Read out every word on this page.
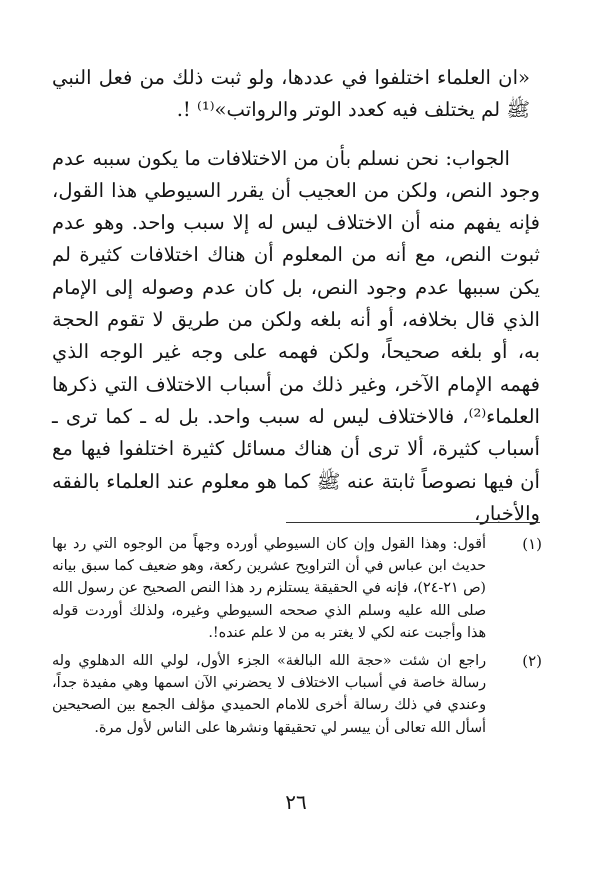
«ان العلماء اختلفوا في عددها، ولو ثبت ذلك من فعل النبي ﷺ لم يختلف فيه كعدد الوتر والرواتب»⁽¹⁾ !.

الجواب: نحن نسلم بأن من الاختلافات ما يكون سببه عدم وجود النص، ولكن من العجيب أن يقرر السيوطي هذا القول، فإنه يفهم منه أن الاختلاف ليس له إلا سبب واحد. وهو عدم ثبوت النص، مع أنه من المعلوم أن هناك اختلافات كثيرة لم يكن سببها عدم وجود النص، بل كان عدم وصوله إلى الإمام الذي قال بخلافه، أو أنه بلغه ولكن من طريق لا تقوم الحجة به، أو بلغه صحيحاً، ولكن فهمه على وجه غير الوجه الذي فهمه الإمام الآخر، وغير ذلك من أسباب الاختلاف التي ذكرها العلماء⁽²⁾، فالاختلاف ليس له سبب واحد. بل له ـ كما ترى ـ أسباب كثيرة، ألا ترى أن هناك مسائل كثيرة اختلفوا فيها مع أن فيها نصوصاً ثابتة عنه ﷺ كما هو معلوم عند العلماء بالفقه والأخبار،

(١)

أقول: وهذا القول وإن كان السيوطي أورده وجهاً من الوجوه التي رد بها حديث ابن عباس في أن التراويح عشرين ركعة، وهو ضعيف كما سبق بيانه (ص ٢١-٢٤)، فإنه في الحقيقة يستلزم رد هذا النص الصحيح عن رسول الله صلى الله عليه وسلم الذي صححه السيوطي وغيره، ولذلك أوردت قوله هذا وأجبت عنه لكي لا يغتر به من لا علم عنده!.

(٢)

راجع ان شئت «حجة الله البالغة» الجزء الأول، لولي الله الدهلوي وله رسالة خاصة في أسباب الاختلاف لا يحضرني الآن اسمها وهي مفيدة جداً، وعندي في ذلك رسالة أخرى للامام الحميدي مؤلف الجمع بين الصحيحين أسأل الله تعالى أن ييسر لي تحقيقها ونشرها على الناس لأول مرة.

٢٦
